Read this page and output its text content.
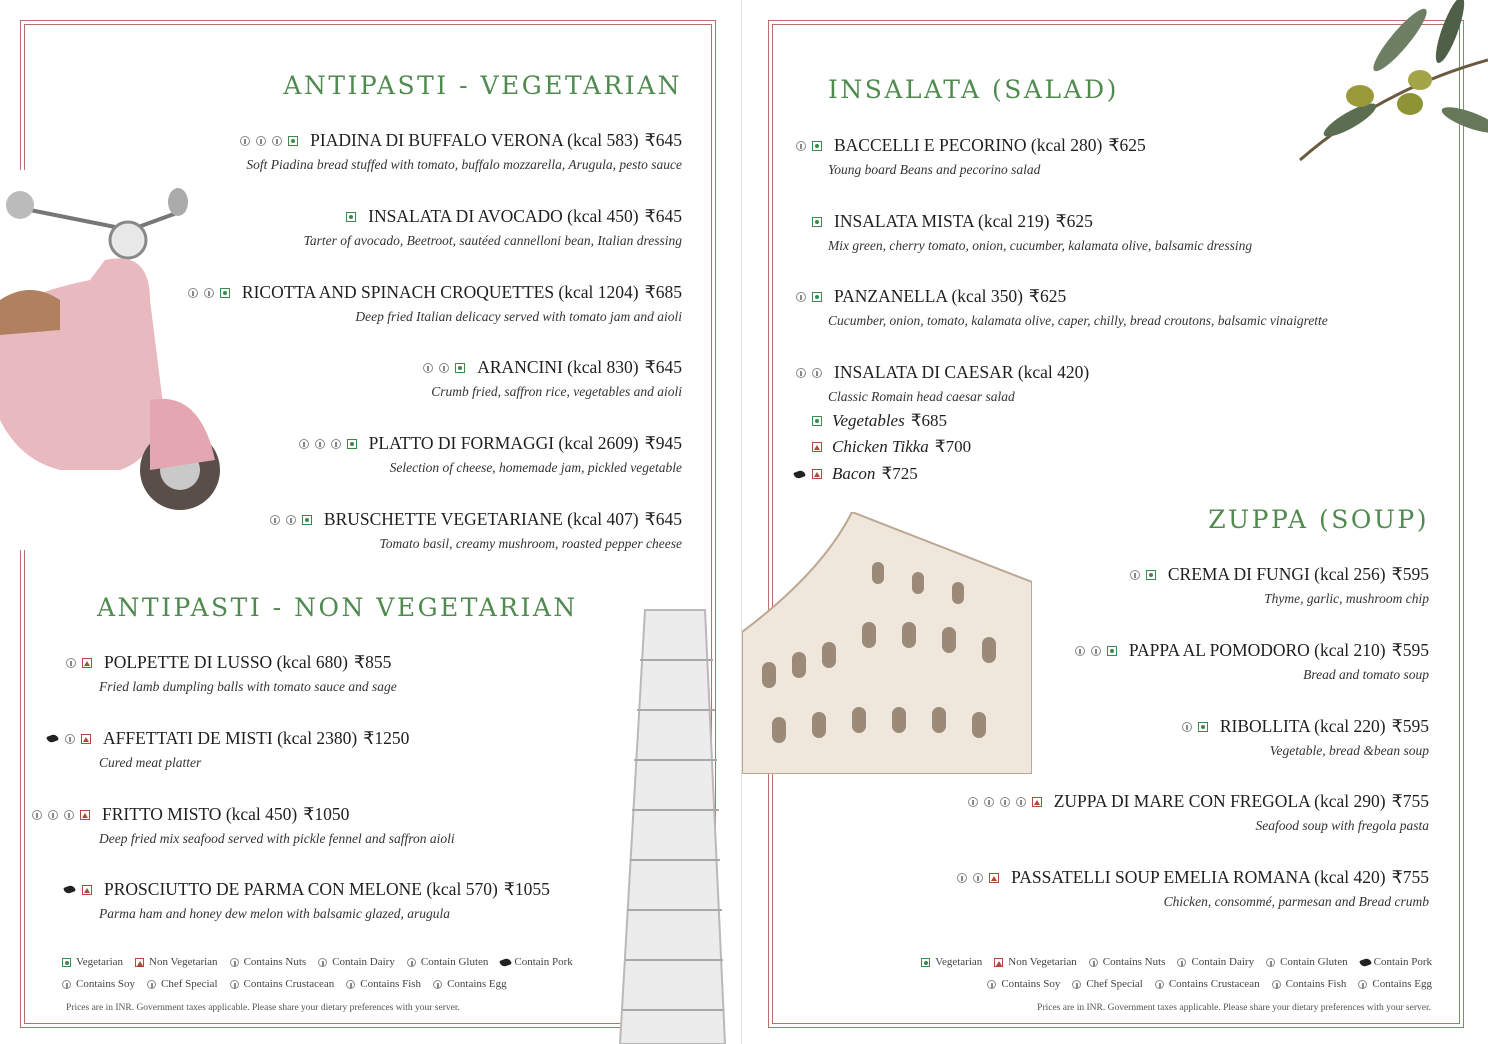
ANTIPASTI - VEGETARIAN
PIADINA DI BUFFALO VERONA (kcal 583) ₹645
Soft Piadina bread stuffed with tomato, buffalo mozzarella, Arugula, pesto sauce
INSALATA DI AVOCADO (kcal 450) ₹645
Tarter of avocado, Beetroot, sautéed cannelloni bean, Italian dressing
RICOTTA AND SPINACH CROQUETTES (kcal 1204) ₹685
Deep fried Italian delicacy served with tomato jam and aioli
ARANCINI (kcal 830) ₹645
Crumb fried, saffron rice, vegetables and aioli
PLATTO DI FORMAGGI (kcal 2609) ₹945
Selection of cheese, homemade jam, pickled vegetable
BRUSCHETTE VEGETARIANE (kcal 407) ₹645
Tomato basil, creamy mushroom, roasted pepper cheese
ANTIPASTI - NON VEGETARIAN
POLPETTE DI LUSSO (kcal 680) ₹855
Fried lamb dumpling balls with tomato sauce and sage
AFFETTATI DE MISTI (kcal 2380) ₹1250
Cured meat platter
FRITTO MISTO (kcal 450) ₹1050
Deep fried mix seafood served with pickle fennel and saffron aioli
PROSCIUTTO DE PARMA CON MELONE (kcal 570) ₹1055
Parma ham and honey dew melon with balsamic glazed, arugula
Vegetarian Non Vegetarian Contains Nuts Contain Dairy Contain Gluten Contain Pork
Contains Soy Chef Special Contains Crustacean Contains Fish Contains Egg
Prices are in INR. Government taxes applicable. Please share your dietary preferences with your server.
INSALATA (SALAD)
BACCELLI E PECORINO (kcal 280) ₹625
Young board Beans and pecorino salad
INSALATA MISTA (kcal 219) ₹625
Mix green, cherry tomato, onion, cucumber, kalamata olive, balsamic dressing
PANZANELLA (kcal 350) ₹625
Cucumber, onion, tomato, kalamata olive, caper, chilly, bread croutons, balsamic vinaigrette
INSALATA DI CAESAR (kcal 420)
Classic Romain head caesar salad
Vegetables ₹685
Chicken Tikka ₹700
Bacon ₹725
ZUPPA (SOUP)
CREMA DI FUNGI (kcal 256) ₹595
Thyme, garlic, mushroom chip
PAPPA AL POMODORO (kcal 210) ₹595
Bread and tomato soup
RIBOLLITA (kcal 220) ₹595
Vegetable, bread &bean soup
ZUPPA DI MARE CON FREGOLA (kcal 290) ₹755
Seafood soup with fregola pasta
PASSATELLI SOUP EMELIA ROMANA (kcal 420) ₹755
Chicken, consommé, parmesan and Bread crumb
Vegetarian Non Vegetarian Contains Nuts Contain Dairy Contain Gluten Contain Pork
Contains Soy Chef Special Contains Crustacean Contains Fish Contains Egg
Prices are in INR. Government taxes applicable. Please share your dietary preferences with your server.
